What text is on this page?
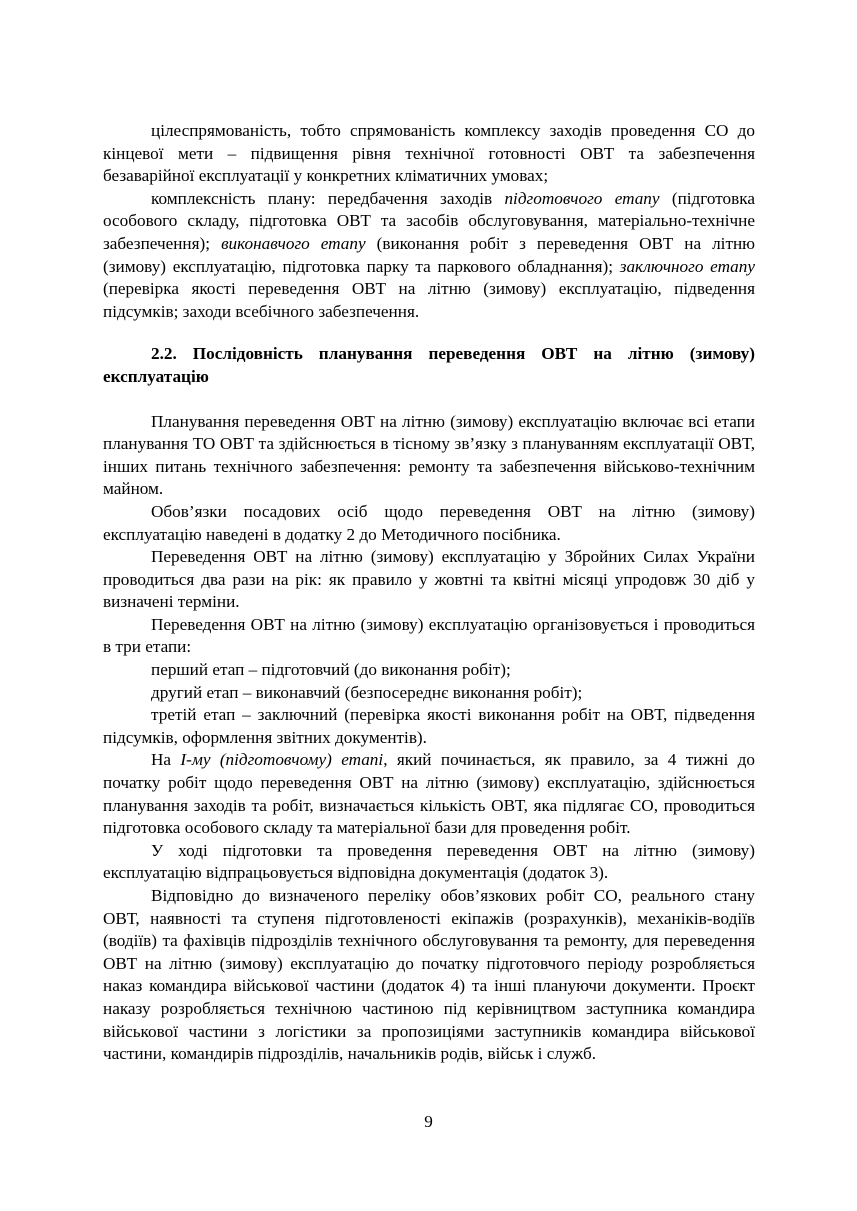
цілеспрямованість, тобто спрямованість комплексу заходів проведення СО до кінцевої мети – підвищення рівня технічної готовності ОВТ та забезпечення безаварійної експлуатації у конкретних кліматичних умовах;

комплексність плану: передбачення заходів підготовчого етапу (підготовка особового складу, підготовка ОВТ та засобів обслуговування, матеріально-технічне забезпечення); виконавчого етапу (виконання робіт з переведення ОВТ на літню (зимову) експлуатацію, підготовка парку та паркового обладнання); заключного етапу (перевірка якості переведення ОВТ на літню (зимову) експлуатацію, підведення підсумків; заходи всебічного забезпечення.

2.2. Послідовність планування переведення ОВТ на літню (зимову) експлуатацію

Планування переведення ОВТ на літню (зимову) експлуатацію включає всі етапи планування ТО ОВТ та здійснюється в тісному зв’язку з плануванням експлуатації ОВТ, інших питань технічного забезпечення: ремонту та забезпечення військово-технічним майном.

Обов’язки посадових осіб щодо переведення ОВТ на літню (зимову) експлуатацію наведені в додатку 2 до Методичного посібника.

Переведення ОВТ на літню (зимову) експлуатацію у Збройних Силах України проводиться два рази на рік: як правило у жовтні та квітні місяці упродовж 30 діб у визначені терміни.

Переведення ОВТ на літню (зимову) експлуатацію організовується і проводиться в три етапи:

перший етап – підготовчий (до виконання робіт);

другий етап – виконавчий (безпосереднє виконання робіт);

третій етап – заключний (перевірка якості виконання робіт на ОВТ, підведення підсумків, оформлення звітних документів).

На І-му (підготовчому) етапі, який починається, як правило, за 4 тижні до початку робіт щодо переведення ОВТ на літню (зимову) експлуатацію, здійснюється планування заходів та робіт, визначається кількість ОВТ, яка підлягає СО, проводиться підготовка особового складу та матеріальної бази для проведення робіт.

У ході підготовки та проведення переведення ОВТ на літню (зимову) експлуатацію відпрацьовується відповідна документація (додаток 3).

Відповідно до визначеного переліку обов’язкових робіт СО, реального стану ОВТ, наявності та ступеня підготовленості екіпажів (розрахунків), механіків-водіїв (водіїв) та фахівців підрозділів технічного обслуговування та ремонту, для переведення ОВТ на літню (зимову) експлуатацію до початку підготовчого періоду розробляється наказ командира військової частини (додаток 4) та інші плануючи документи. Проєкт наказу розробляється технічною частиною під керівництвом заступника командира військової частини з логістики за пропозиціями заступників командира військової частини, командирів підрозділів, начальників родів, військ і служб.

9
